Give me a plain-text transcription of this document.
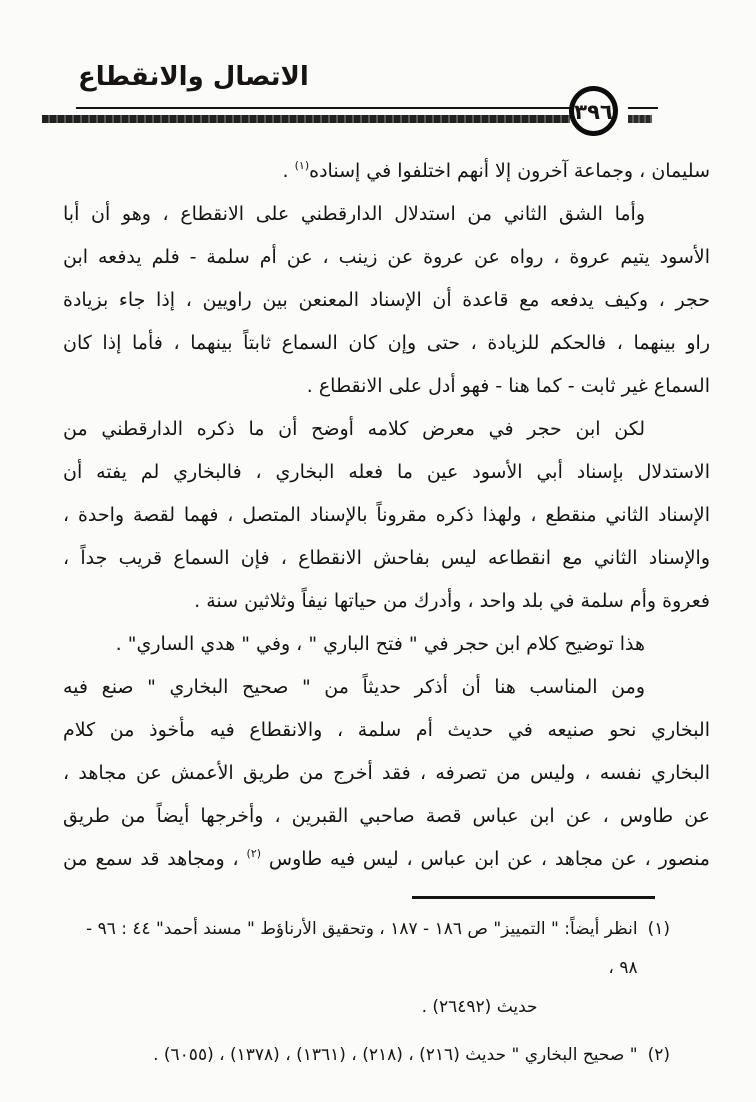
الاتصال والانقطاع
٣٩٦
سليمان ، وجماعة آخرون إلا أنهم اختلفوا في إسناده$^{(١)}$ .
وأما الشق الثاني من استدلال الدارقطني على الانقطاع ، وهو أن أبا
الأسود يتيم عروة ، رواه عن عروة عن زينب ، عن أم سلمة - فلم يدفعه ابن
حجر ، وكيف يدفعه مع قاعدة أن الإسناد المعنعن بين راويين ، إذا جاء بزيادة
راو بينهما ، فالحكم للزيادة ، حتى وإن كان السماع ثابتاً بينهما ، فأما إذا كان
السماع غير ثابت - كما هنا - فهو أدل على الانقطاع .
لكن ابن حجر في معرض كلامه أوضح أن ما ذكره الدارقطني من
الاستدلال بإسناد أبي الأسود عين ما فعله البخاري ، فالبخاري لم يفته أن
الإسناد الثاني منقطع ، ولهذا ذكره مقروناً بالإسناد المتصل ، فهما لقصة واحدة ،
والإسناد الثاني مع انقطاعه ليس بفاحش الانقطاع ، فإن السماع قريب جداً ،
فعروة وأم سلمة في بلد واحد ، وأدرك من حياتها نيفاً وثلاثين سنة .
هذا توضيح كلام ابن حجر في " فتح الباري " ، وفي " هدي الساري" .
ومن المناسب هنا أن أذكر حديثاً من " صحيح البخاري " صنع فيه
البخاري نحو صنيعه في حديث أم سلمة ، والانقطاع فيه مأخوذ من كلام
البخاري نفسه ، وليس من تصرفه ، فقد أخرج من طريق الأعمش عن مجاهد ،
عن طاوس ، عن ابن عباس قصة صاحبي القبرين ، وأخرجها أيضاً من طريق
منصور ، عن مجاهد ، عن ابن عباس ، ليس فيه طاوس $^{(٢)}$ ، ومجاهد قد سمع من
(١)
انظر أيضاً: " التمييز" ص ١٨٦ - ١٨٧ ، وتحقيق الأرناؤط " مسند أحمد" ٤٤ : ٩٦ - ٩٨ ،
حديث (٢٦٤٩٢) .
(٢)
" صحيح البخاري " حديث (٢١٦) ، (٢١٨) ، (١٣٦١) ، (١٣٧٨) ، (٦٠٥٥) .
